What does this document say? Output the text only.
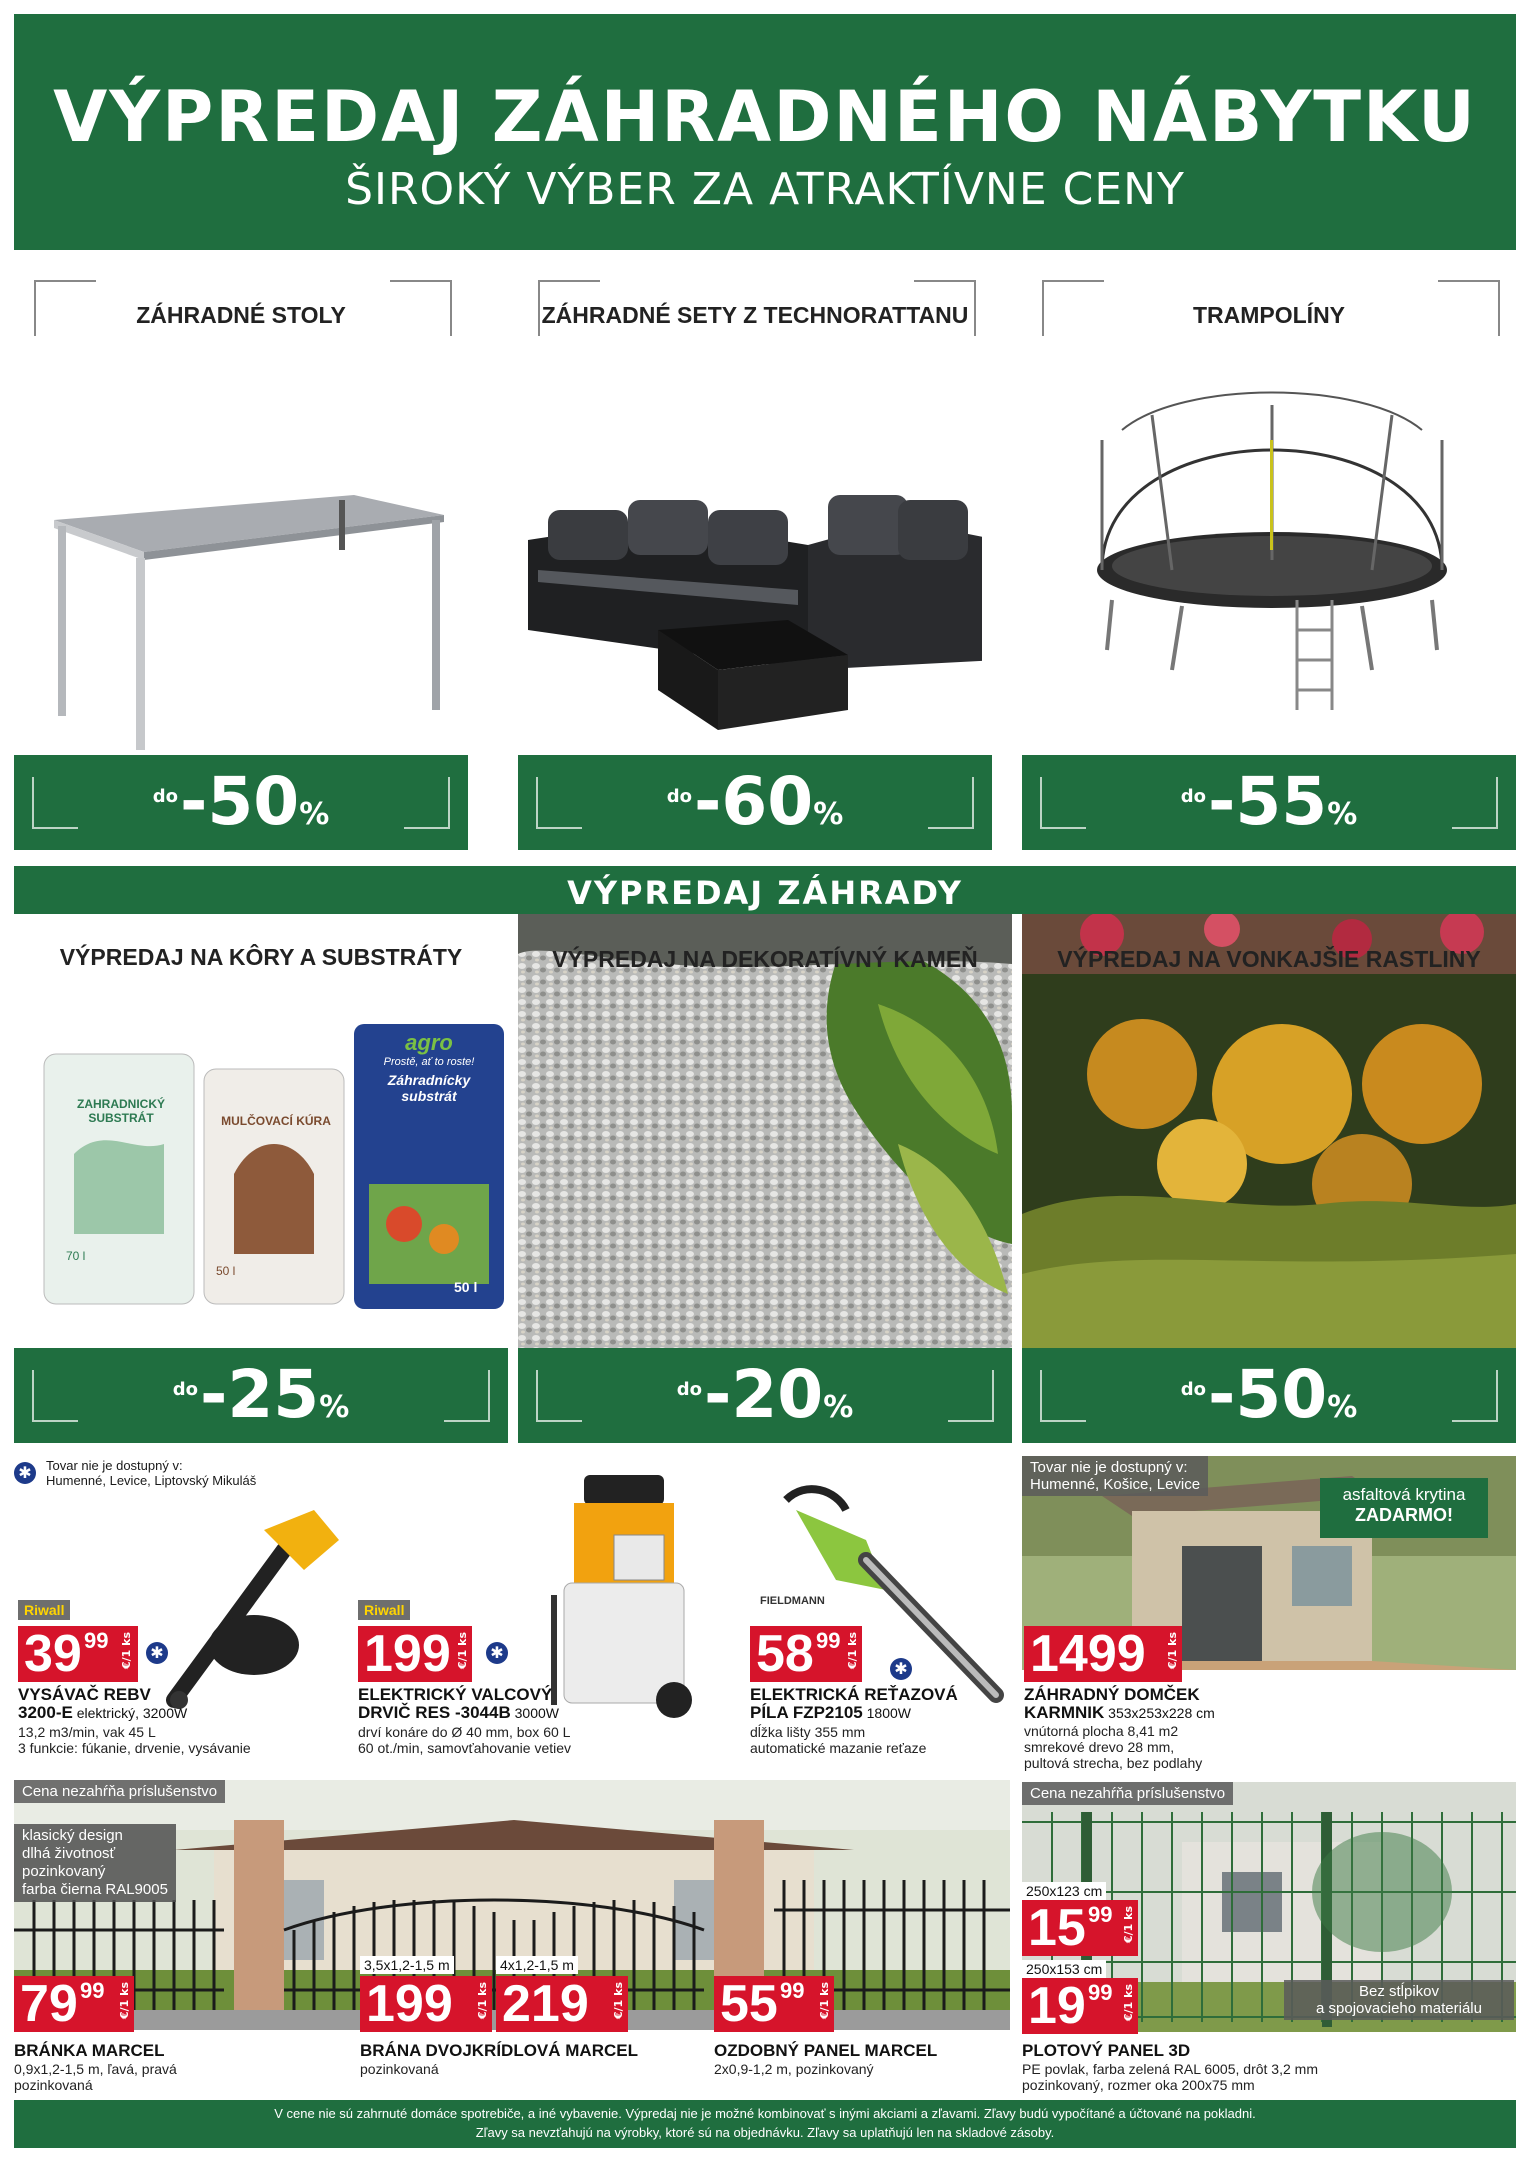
VÝPREDAJ ZÁHRADNÉHO NÁBYTKU
ŠIROKÝ VÝBER ZA ATRAKTÍVNE CENY
ZÁHRADNÉ STOLY
do-50%
ZÁHRADNÉ SETY Z TECHNORATTANU
do-60%
TRAMPOLÍNY
do-55%
VÝPREDAJ ZÁHRADY
VÝPREDAJ NA KÔRY A SUBSTRÁTY
ZAHRADNICKÝ
SUBSTRÁT
70 l
MULČOVACÍ KÚRA
50 l
agro
Prostě, ať to roste!
Záhradnícky substrát
50 l
do-25%
VÝPREDAJ NA DEKORATÍVNÝ KAMEŇ
do-20%
VÝPREDAJ NA VONKAJŠIE RASTLINY
do-50%
✱	Tovar nie je dostupný v:
Humenné, Levice, Liptovský Mikuláš
Riwall
39 99 €/1 ks ✱
VYSÁVAČ REBV
3200-E elektrický, 3200W
13,2 m3/min, vak 45 L
3 funkcie: fúkanie, drvenie, vysávanie
Riwall
199 €/1 ks ✱
ELEKTRICKÝ VALCOVÝ
DRVIČ RES -3044B 3000W
drví konáre do Ø 40 mm, box 60 L
60 ot./min, samovťahovanie vetiev
FIELDMANN
58 99 €/1 ks ✱
ELEKTRICKÁ REŤAZOVÁ
PÍLA FZP2105 1800W
dĺžka lišty 355 mm
automatické mazanie reťaze
Tovar nie je dostupný v:
Humenné, Košice, Levice
asfaltová krytina
ZADARMO!
1499 €/1 ks
ZÁHRADNÝ DOMČEK
KARMNIK 353x253x228 cm
vnútorná plocha 8,41 m2
smrekové drevo 28 mm,
pultová strecha, bez podlahy
Cena nezahŕňa príslušenstvo
klasický design
dlhá životnosť
pozinkovaný
farba čierna RAL9005
79 99 €/1 ks
BRÁNKA MARCEL
0,9x1,2-1,5 m, ľavá, pravá
pozinkovaná
3,5x1,2-1,5 m
199 €/1 ks
4x1,2-1,5 m
219 €/1 ks
BRÁNA DVOJKRÍDLOVÁ MARCEL
pozinkovaná
55 99 €/1 ks
OZDOBNÝ PANEL MARCEL
2x0,9-1,2 m, pozinkovaný
Cena nezahŕňa príslušenstvo
250x123 cm
15 99 €/1 ks
250x153 cm
19 99 €/1 ks	Bez stĺpikov
a spojovacieho materiálu
PLOTOVÝ PANEL 3D
PE povlak, farba zelená RAL 6005, drôt 3,2 mm
pozinkovaný, rozmer oka 200x75 mm
V cene nie sú zahrnuté domáce spotrebiče, a iné vybavenie. Výpredaj nie je možné kombinovať s inými akciami a zľavami. Zľavy budú vypočítané a účtované na pokladni.
Zľavy sa nevzťahujú na výrobky, ktoré sú na objednávku. Zľavy sa uplatňujú len na skladové zásoby.
